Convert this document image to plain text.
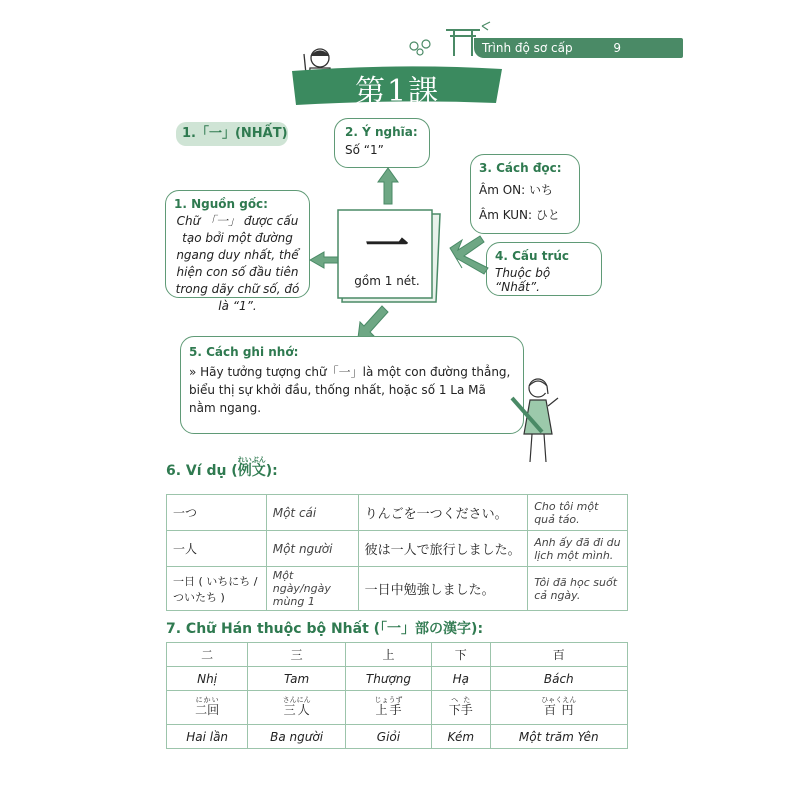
Trình độ sơ cấp	9
第1課
1.「一」(NHẤT)	2. Ý nghĩa:
Số “1”
3. Cách đọc:
Âm ON: いち
Âm KUN: ひと
1. Nguồn gốc:
Chữ 「一」 được cấu tạo bởi một đường ngang duy nhất, thể hiện con số đầu tiên trong dãy chữ số, đó là “1”.
4. Cấu trúc
Thuộc bộ “Nhất”.
一
gồm 1 nét.
5. Cách ghi nhớ:
» Hãy tưởng tượng chữ「一」là một con đường thẳng, biểu thị sự khởi đầu, thống nhất, hoặc số 1 La Mã nằm ngang.
6. Ví dụ (例文れいぶん):
一つ	Một cái	りんごを一つください。	Cho tôi một quả táo.
一人	Một người	彼は一人で旅行しました。	Anh ấy đã đi du lịch một mình.
一日 ( いちにち / ついたち )	Một ngày/ngày mùng 1	一日中勉強しました。	Tôi đã học suốt cả ngày.
7. Chữ Hán thuộc bộ Nhất (「一」部の漢字):
二	三	上	下	百
Nhị	Tam	Thượng	Hạ	Bách
二回にかい	三人さんにん	上手じょうず	下手へた	百円ひゃくえん
Hai lần	Ba người	Giỏi	Kém	Một trăm Yên
